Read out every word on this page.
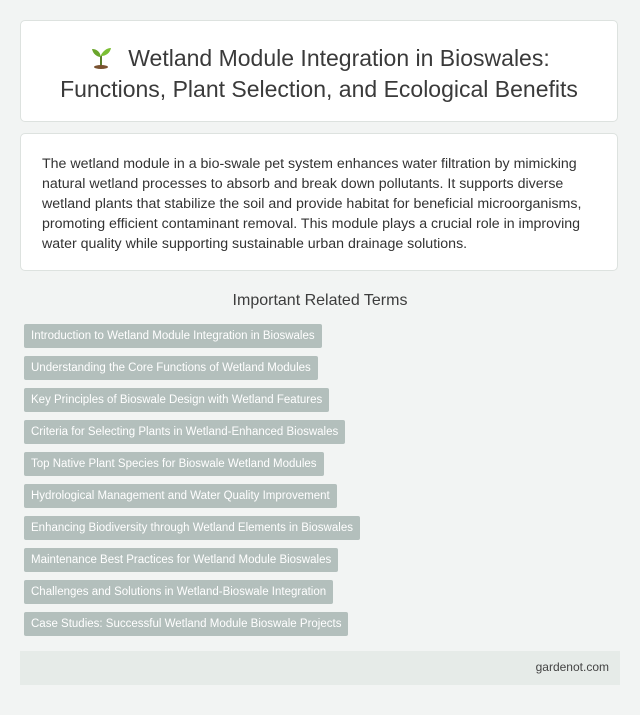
Wetland Module Integration in Bioswales:
Functions, Plant Selection, and Ecological Benefits

The wetland module in a bio-swale pet system enhances water filtration by mimicking natural wetland processes to absorb and break down pollutants. It supports diverse wetland plants that stabilize the soil and provide habitat for beneficial microorganisms, promoting efficient contaminant removal. This module plays a crucial role in improving water quality while supporting sustainable urban drainage solutions.

Important Related Terms
Introduction to Wetland Module Integration in Bioswales
Understanding the Core Functions of Wetland Modules
Key Principles of Bioswale Design with Wetland Features
Criteria for Selecting Plants in Wetland-Enhanced Bioswales
Top Native Plant Species for Bioswale Wetland Modules
Hydrological Management and Water Quality Improvement
Enhancing Biodiversity through Wetland Elements in Bioswales
Maintenance Best Practices for Wetland Module Bioswales
Challenges and Solutions in Wetland-Bioswale Integration
Case Studies: Successful Wetland Module Bioswale Projects
gardenot.com
